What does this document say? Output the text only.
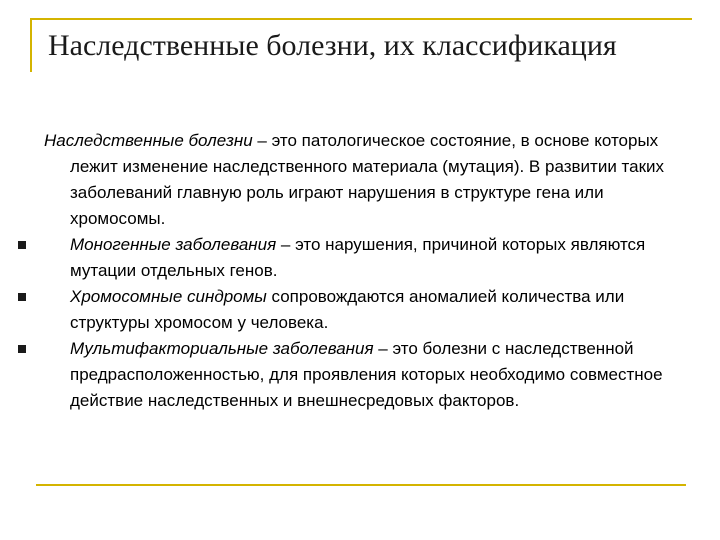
Наследственные болезни, их классификация

Наследственные болезни – это патологическое состояние, в основе которых лежит изменение наследственного материала (мутация). В развитии таких заболеваний главную роль играют нарушения в структуре гена или хромосомы.

Моногенные заболевания – это нарушения, причиной которых являются мутации отдельных генов.

Хромосомные синдромы сопровождаются аномалией количества или структуры хромосом у человека.

Мультифакториальные заболевания – это болезни с наследственной предрасположенностью, для проявления которых необходимо совместное действие наследственных и внешнесредовых факторов.
